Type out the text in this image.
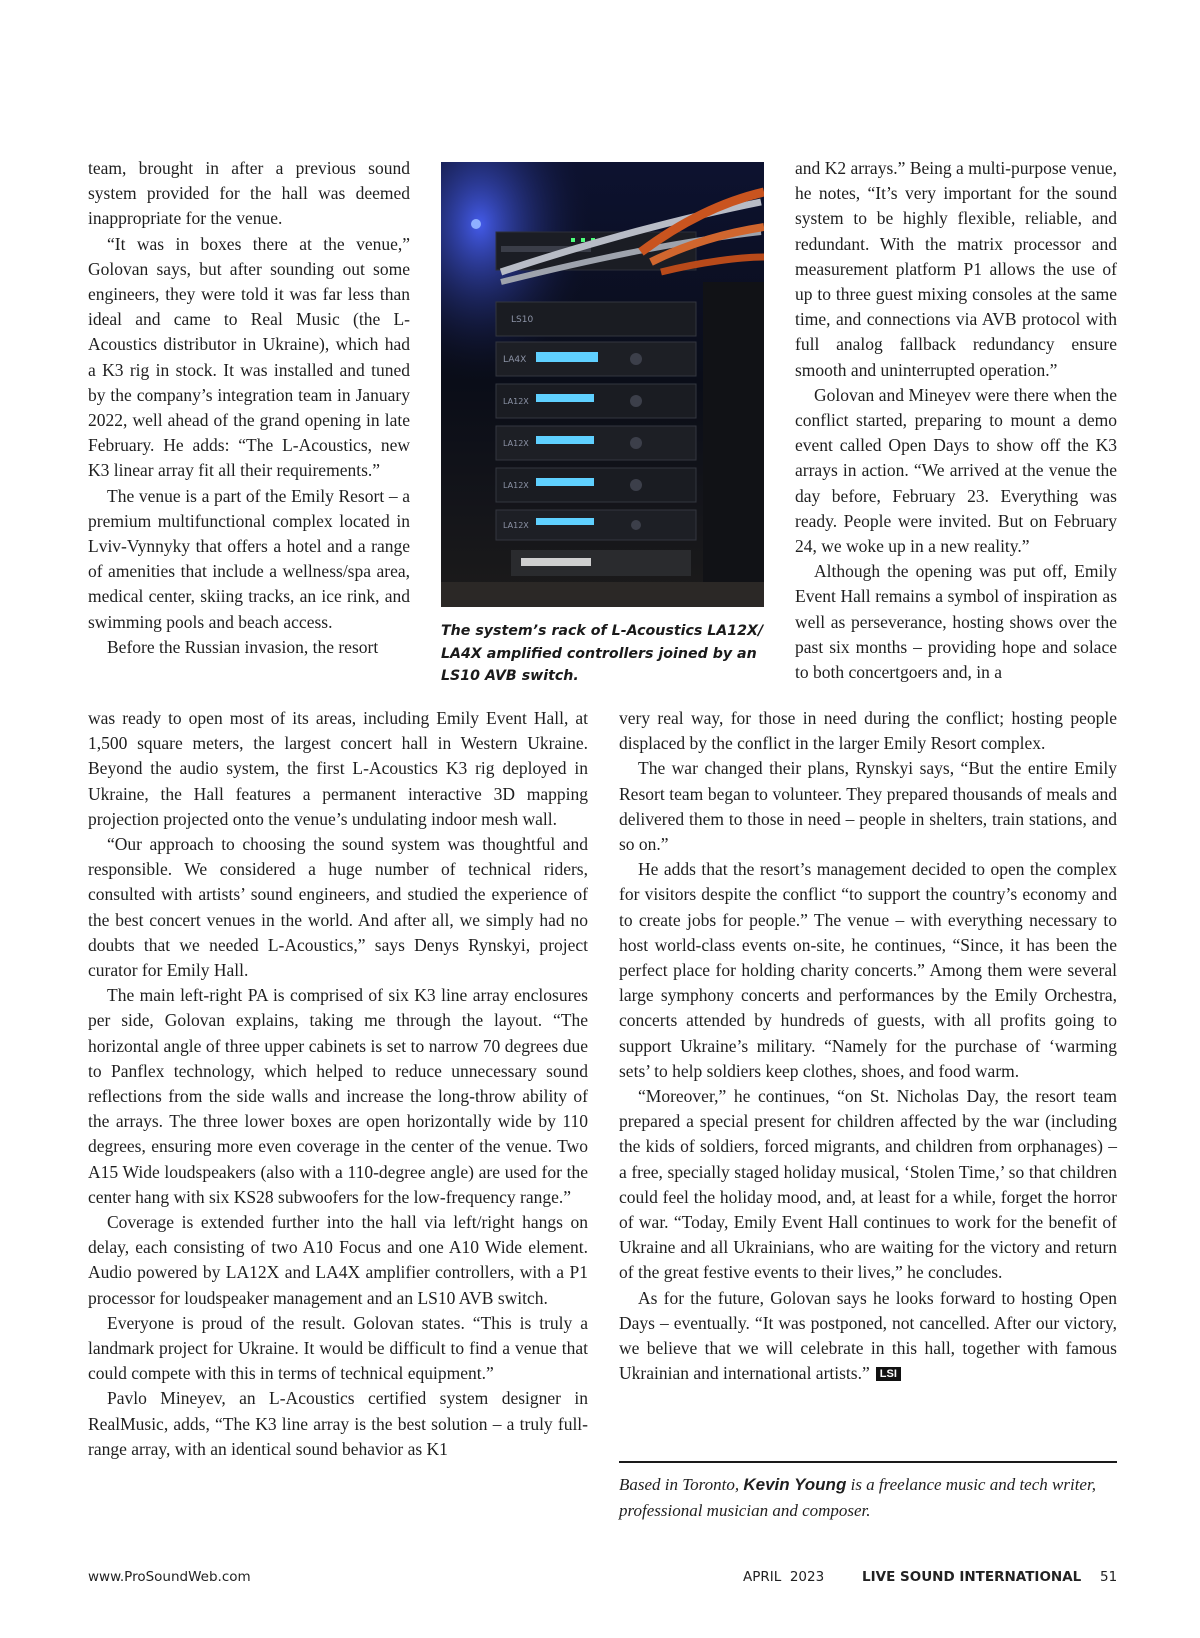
team, brought in after a previous sound system provided for the hall was deemed inappropriate for the venue.

“It was in boxes there at the venue,” Golovan says, but after sounding out some engineers, they were told it was far less than ideal and came to Real Music (the L-Acoustics distributor in Ukraine), which had a K3 rig in stock. It was installed and tuned by the company’s integration team in January 2022, well ahead of the grand opening in late February. He adds: “The L-Acoustics, new K3 linear array fit all their requirements.”

The venue is a part of the Emily Resort – a premium multifunctional complex located in Lviv-Vynnyky that offers a hotel and a range of amenities that include a wellness/spa area, medical center, skiing tracks, an ice rink, and swimming pools and beach access.

Before the Russian invasion, the resort

was ready to open most of its areas, including Emily Event Hall, at 1,500 square meters, the largest concert hall in Western Ukraine. Beyond the audio system, the first L-Acoustics K3 rig deployed in Ukraine, the Hall features a permanent interactive 3D mapping projection projected onto the venue’s undulating indoor mesh wall.

“Our approach to choosing the sound system was thoughtful and responsible. We considered a huge number of technical riders, consulted with artists’ sound engineers, and studied the experience of the best concert venues in the world. And after all, we simply had no doubts that we needed L-Acoustics,” says Denys Rynskyi, project curator for Emily Hall.

The main left-right PA is comprised of six K3 line array enclosures per side, Golovan explains, taking me through the layout. “The horizontal angle of three upper cabinets is set to narrow 70 degrees due to Panflex technology, which helped to reduce unnecessary sound reflections from the side walls and increase the long-throw ability of the arrays. The three lower boxes are open horizontally wide by 110 degrees, ensuring more even coverage in the center of the venue. Two A15 Wide loudspeakers (also with a 110-degree angle) are used for the center hang with six KS28 subwoofers for the low-frequency range.”

Coverage is extended further into the hall via left/right hangs on delay, each consisting of two A10 Focus and one A10 Wide element. Audio powered by LA12X and LA4X amplifier controllers, with a P1 processor for loudspeaker management and an LS10 AVB switch.

Everyone is proud of the result. Golovan states. “This is truly a landmark project for Ukraine. It would be difficult to find a venue that could compete with this in terms of technical equipment.”

Pavlo Mineyev, an L-Acoustics certified system designer in RealMusic, adds, “The K3 line array is the best solution – a truly full-range array, with an identical sound behavior as K1

LS10
LA4X
LA12X
LA12X
LA12X
LA12X
The system’s rack of L-Acoustics LA12X/ LA4X amplified controllers joined by an LS10 AVB switch.

and K2 arrays.” Being a multi-purpose venue, he notes, “It’s very important for the sound system to be highly flexible, reliable, and redundant. With the matrix processor and measurement platform P1 allows the use of up to three guest mixing consoles at the same time, and connections via AVB protocol with full analog fallback redundancy ensure smooth and uninterrupted operation.”

Golovan and Mineyev were there when the conflict started, preparing to mount a demo event called Open Days to show off the K3 arrays in action. “We arrived at the venue the day before, February 23. Everything was ready. People were invited. But on February 24, we woke up in a new reality.”

Although the opening was put off, Emily Event Hall remains a symbol of inspiration as well as perseverance, hosting shows over the past six months – providing hope and solace to both concertgoers and, in a

very real way, for those in need during the conflict; hosting people displaced by the conflict in the larger Emily Resort complex.

The war changed their plans, Rynskyi says, “But the entire Emily Resort team began to volunteer. They prepared thousands of meals and delivered them to those in need – people in shelters, train stations, and so on.”

He adds that the resort’s management decided to open the complex for visitors despite the conflict “to support the country’s economy and to create jobs for people.” The venue – with everything necessary to host world-class events on-site, he continues, “Since, it has been the perfect place for holding charity concerts.” Among them were several large symphony concerts and performances by the Emily Orchestra, concerts attended by hundreds of guests, with all profits going to support Ukraine’s military. “Namely for the purchase of ‘warming sets’ to help soldiers keep clothes, shoes, and food warm.

“Moreover,” he continues, “on St. Nicholas Day, the resort team prepared a special present for children affected by the war (including the kids of soldiers, forced migrants, and children from orphanages) – a free, specially staged holiday musical, ‘Stolen Time,’ so that children could feel the holiday mood, and, at least for a while, forget the horror of war. “Today, Emily Event Hall continues to work for the benefit of Ukraine and all Ukrainians, who are waiting for the victory and return of the great festive events to their lives,” he concludes.

As for the future, Golovan says he looks forward to hosting Open Days – eventually. “It was postponed, not cancelled. After our victory, we believe that we will celebrate in this hall, together with famous Ukrainian and international artists.” LSI

Based in Toronto, Kevin Young is a freelance music and tech writer, professional musician and composer.
www.ProSoundWeb.com	APRIL  2023	LIVE SOUND INTERNATIONAL 51
